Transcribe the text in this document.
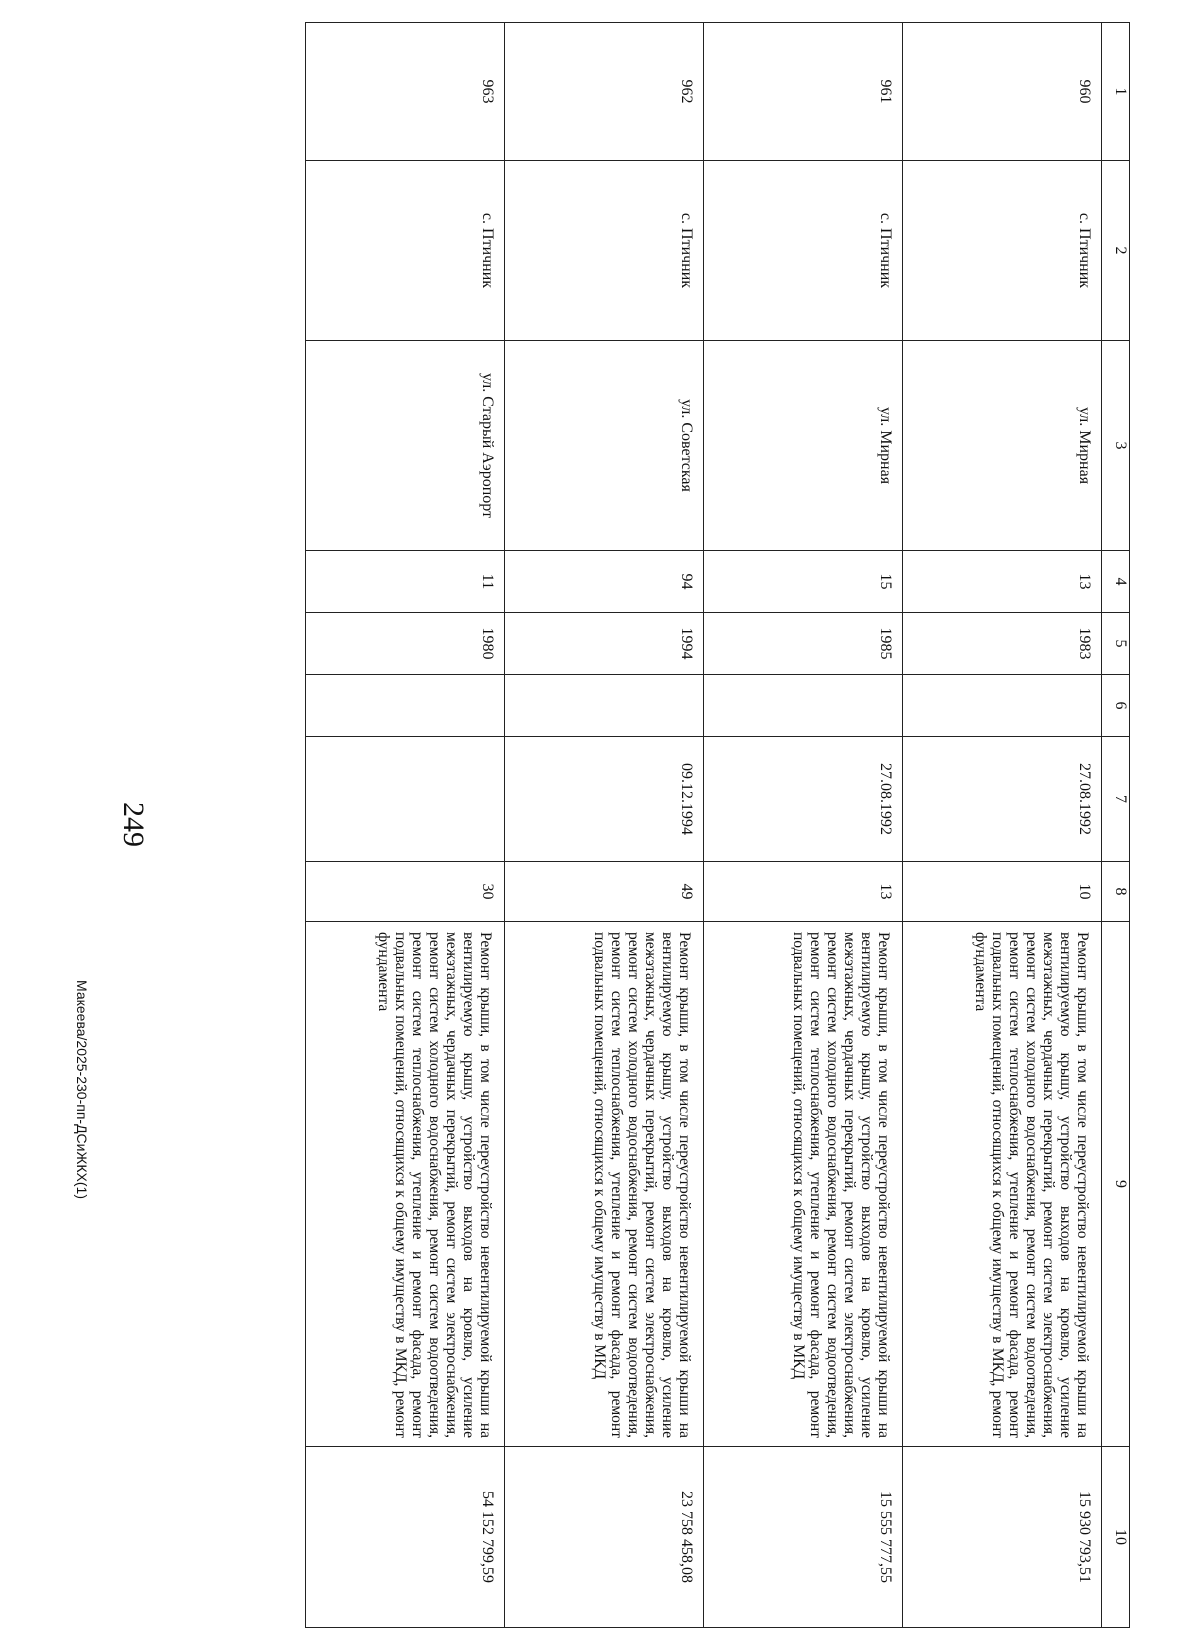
1	2	3	4	5	6	7	8	9	10

960	с. Птичник	ул. Мирная	13	1983		27.08.1992	10	Ремонт крыши, в том числе переустройство невентилируемой крыши на вентилируемую крышу, устройство выходов на кровлю, усиление межэтажных, чердачных перекрытий, ремонт систем электроснабжения, ремонт систем холодного водоснабжения, ремонт систем водоотведения, ремонт систем теплоснабжения, утепление и ремонт фасада, ремонт подвальных помещений, относящихся к общему имуществу в МКД, ремонт фундамента	15 930 793,51

961	с. Птичник	ул. Мирная	15	1985		27.08.1992	13	Ремонт крыши, в том числе переустройство невентилируемой крыши на вентилируемую крышу, устройство выходов на кровлю, усиление межэтажных, чердачных перекрытий, ремонт систем электроснабжения, ремонт систем холодного водоснабжения, ремонт систем водоотведения, ремонт систем теплоснабжения, утепление и ремонт фасада, ремонт подвальных помещений, относящихся к общему имуществу в МКД	15 555 777,55

962	с. Птичник	ул. Советская	94	1994		09.12.1994	49	Ремонт крыши, в том числе переустройство невентилируемой крыши на вентилируемую крышу, устройство выходов на кровлю, усиление межэтажных, чердачных перекрытий, ремонт систем электроснабжения, ремонт систем холодного водоснабжения, ремонт систем водоотведения, ремонт систем теплоснабжения, утепление и ремонт фасада, ремонт подвальных помещений, относящихся к общему имуществу в МКД	23 758 458,08

963	с. Птичник	ул. Старый Аэропорт	11	1980			30	Ремонт крыши, в том числе переустройство невентилируемой крыши на вентилируемую крышу, устройство выходов на кровлю, усиление межэтажных, чердачных перекрытий, ремонт систем электроснабжения, ремонт систем холодного водоснабжения, ремонт систем водоотведения, ремонт систем теплоснабжения, утепление и ремонт фасада, ремонт подвальных помещений, относящихся к общему имуществу в МКД, ремонт фундамента	54 152 799,59
249
Макеева/2025-230-пп-ДСиЖКХ(1)
